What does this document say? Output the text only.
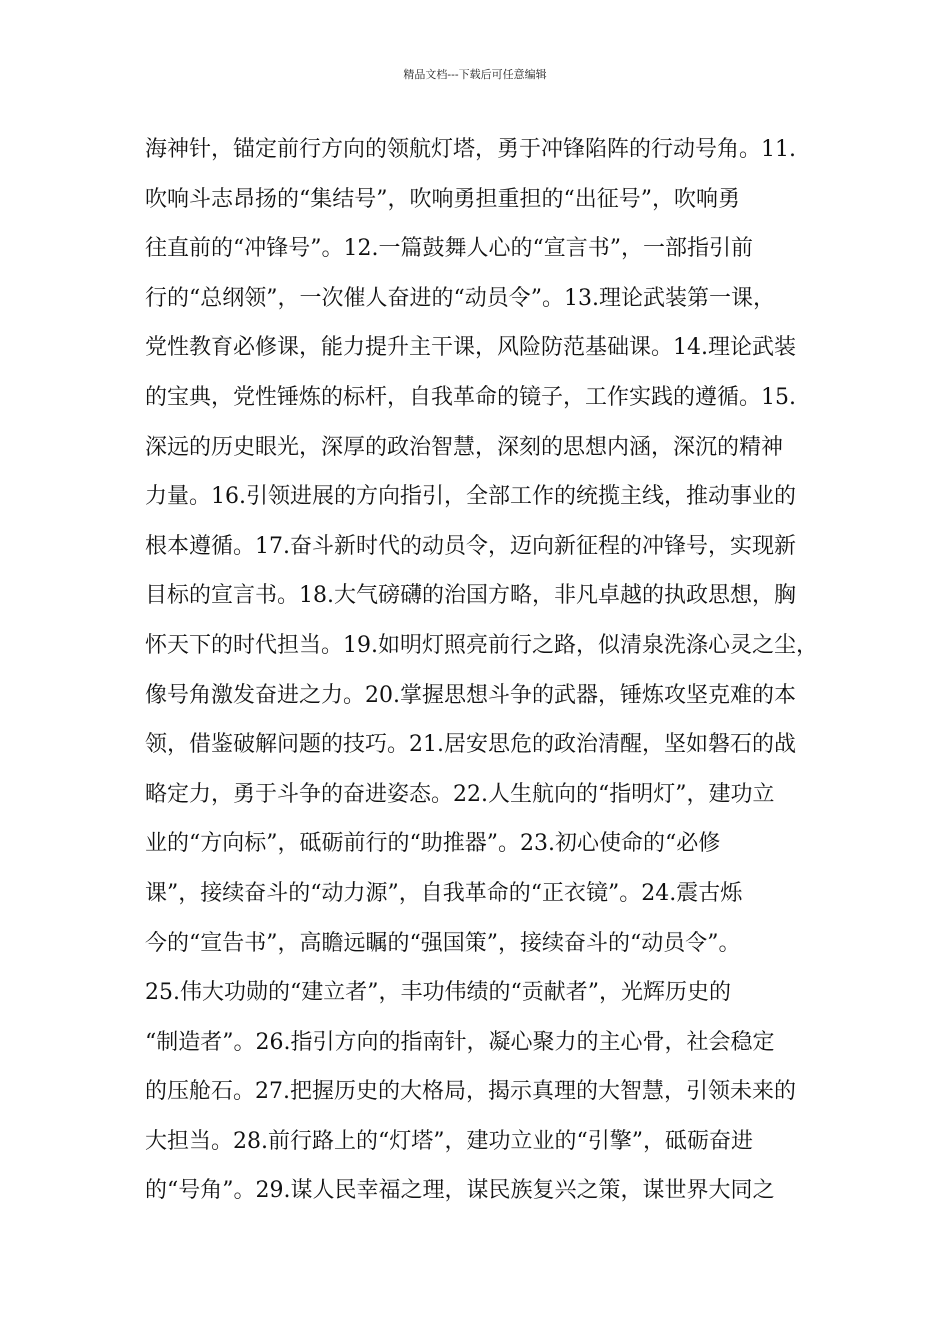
精品文档---下载后可任意编辑
海神针，锚定前行方向的领航灯塔，勇于冲锋陷阵的行动号角。11.
吹响斗志昂扬的“集结号”，吹响勇担重担的“出征号”，吹响勇
往直前的“冲锋号”。12.一篇鼓舞人心的“宣言书”，一部指引前
行的“总纲领”，一次催人奋进的“动员令”。13.理论武装第一课，
党性教育必修课，能力提升主干课，风险防范基础课。14.理论武装
的宝典，党性锤炼的标杆，自我革命的镜子，工作实践的遵循。15.
深远的历史眼光，深厚的政治智慧，深刻的思想内涵，深沉的精神
力量。16.引领进展的方向指引，全部工作的统揽主线，推动事业的
根本遵循。17.奋斗新时代的动员令，迈向新征程的冲锋号，实现新
目标的宣言书。18.大气磅礴的治国方略，非凡卓越的执政思想，胸
怀天下的时代担当。19.如明灯照亮前行之路，似清泉洗涤心灵之尘，
像号角激发奋进之力。20.掌握思想斗争的武器，锤炼攻坚克难的本
领，借鉴破解问题的技巧。21.居安思危的政治清醒，坚如磐石的战
略定力，勇于斗争的奋进姿态。22.人生航向的“指明灯”，建功立
业的“方向标”，砥砺前行的“助推器”。23.初心使命的“必修
课”，接续奋斗的“动力源”，自我革命的“正衣镜”。24.震古烁
今的“宣告书”，高瞻远瞩的“强国策”，接续奋斗的“动员令”。
25.伟大功勋的“建立者”，丰功伟绩的“贡献者”，光辉历史的
“制造者”。26.指引方向的指南针，凝心聚力的主心骨，社会稳定
的压舱石。27.把握历史的大格局，揭示真理的大智慧，引领未来的
大担当。28.前行路上的“灯塔”，建功立业的“引擎”，砥砺奋进
的“号角”。29.谋人民幸福之理，谋民族复兴之策，谋世界大同之
